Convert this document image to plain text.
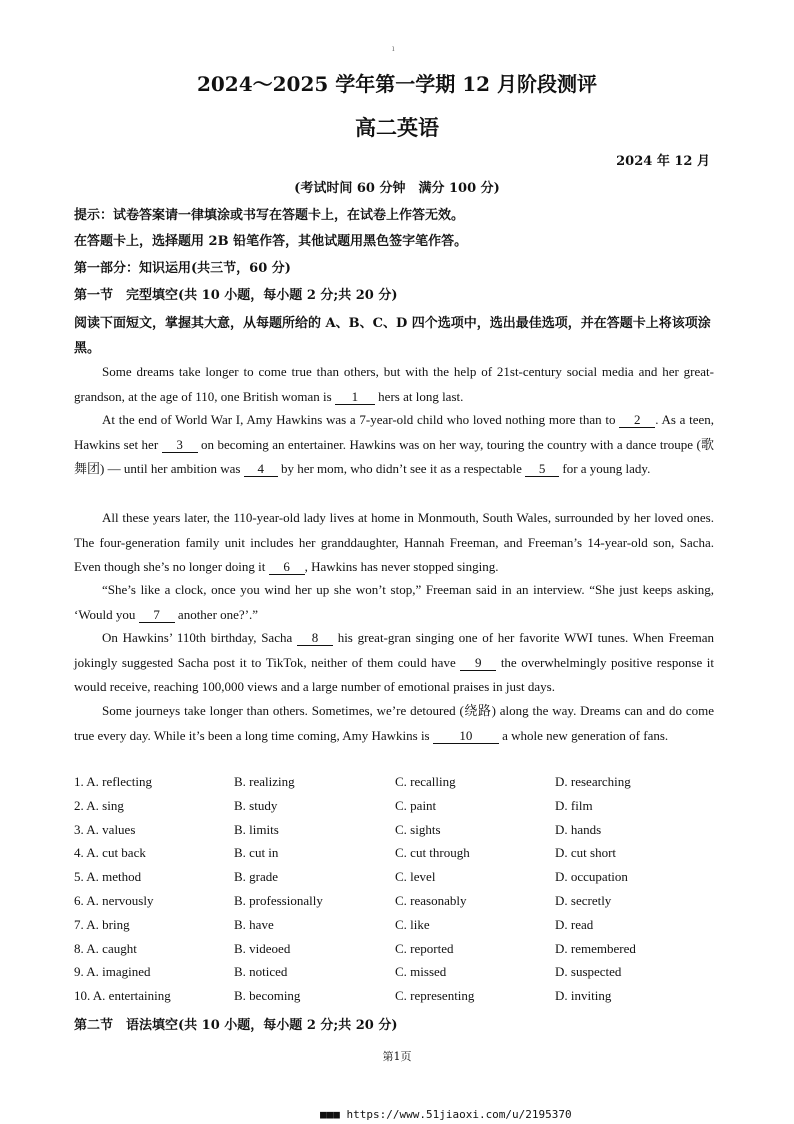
ı
2024～2025 学年第一学期 12 月阶段测评
高二英语
2024 年 12 月
(考试时间 60 分钟　满分 100 分)
提示：试卷答案请一律填涂或书写在答题卡上，在试卷上作答无效。
在答题卡上，选择题用 2B 铅笔作答，其他试题用黑色签字笔作答。
第一部分：知识运用(共三节，60 分)
第一节　完型填空(共 10 小题，每小题 2 分;共 20 分)
阅读下面短文，掌握其大意，从每题所给的 A、B、C、D 四个选项中，选出最佳选项，并在答题卡上将该项涂黑。
Some dreams take longer to come true than others, but with the help of 21st-century social media and her great-grandson, at the age of 110, one British woman is 1 hers at long last.
At the end of World War I, Amy Hawkins was a 7-year-old child who loved nothing more than to 2 . As a teen, Hawkins set her 3 on becoming an entertainer. Hawkins was on her way, touring the country with a dance troupe (歌舞团) — until her ambition was 4 by her mom, who didn’t see it as a respectable 5 for a young lady.
All these years later, the 110-year-old lady lives at home in Monmouth, South Wales, surrounded by her loved ones. The four-generation family unit includes her granddaughter, Hannah Freeman, and Freeman’s 14-year-old son, Sacha. Even though she’s no longer doing it 6 , Hawkins has never stopped singing.
“She’s like a clock, once you wind her up she won’t stop,” Freeman said in an interview. “She just keeps asking, ‘Would you 7 another one?’.”
On Hawkins’ 110th birthday, Sacha 8 his great-gran singing one of her favorite WWI tunes. When Freeman jokingly suggested Sacha post it to TikTok, neither of them could have 9 the overwhelmingly positive response it would receive, reaching 100,000 views and a large number of emotional praises in just days.
Some journeys take longer than others. Sometimes, we’re detoured (绕路) along the way. Dreams can and do come true every day. While it’s been a long time coming, Amy Hawkins is 10 a whole new generation of fans.
1. A. reflecting	B. realizing	C. recalling	D. researching
2. A. sing	B. study	C. paint	D. film
3. A. values	B. limits	C. sights	D. hands
4. A. cut back	B. cut in	C. cut through	D. cut short
5. A. method	B. grade	C. level	D. occupation
6. A. nervously	B. professionally	C. reasonably	D. secretly
7. A. bring	B. have	C. like	D. read
8. A. caught	B. videoed	C. reported	D. remembered
9. A. imagined	B. noticed	C. missed	D. suspected
10. A. entertaining	B. becoming	C. representing	D. inviting
第二节　语法填空(共 10 小题，每小题 2 分;共 20 分)
第1页
■■■ https://www.51jiaoxi.com/u/2195370
